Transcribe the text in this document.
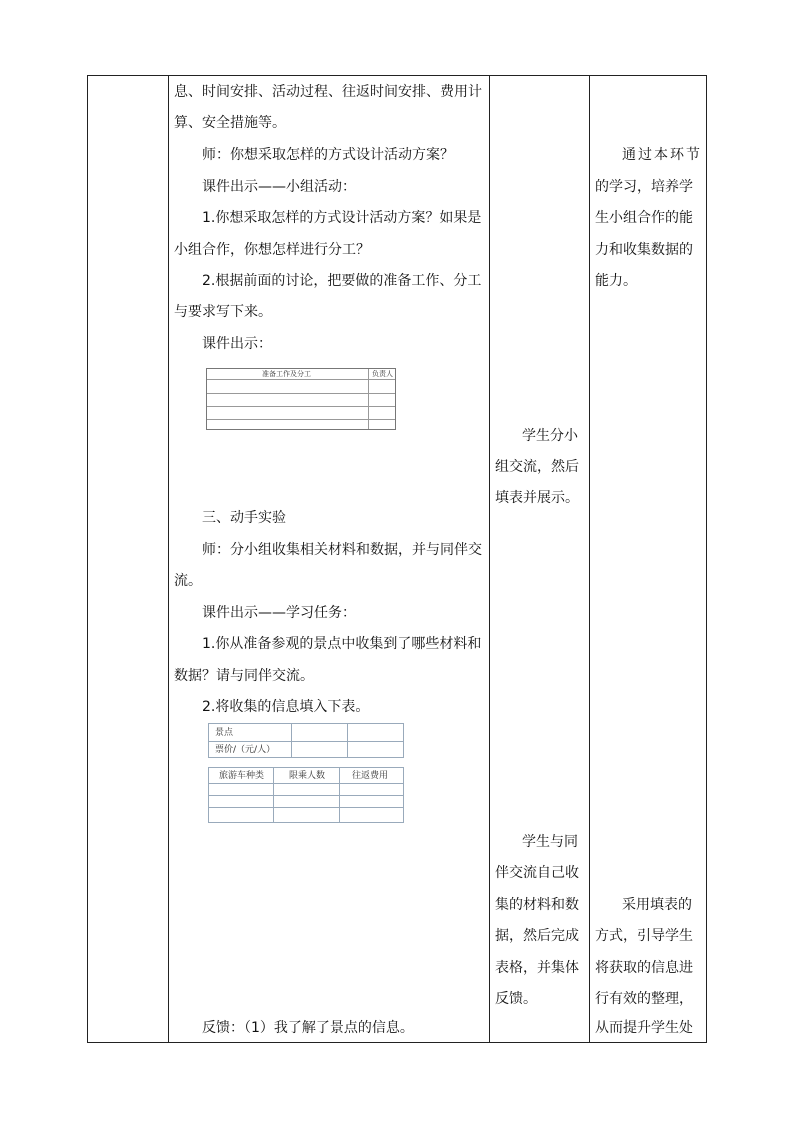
息、时间安排、活动过程、往返时间安排、费用计
算、安全措施等。
师：你想采取怎样的方式设计活动方案？
课件出示——小组活动：
1.你想采取怎样的方式设计活动方案？如果是
小组合作，你想怎样进行分工？
2.根据前面的讨论，把要做的准备工作、分工
与要求写下来。
课件出示：
准备工作及分工	负责人
三、动手实验
师：分小组收集相关材料和数据，并与同伴交
流。
课件出示——学习任务：
1.你从准备参观的景点中收集到了哪些材料和
数据？请与同伴交流。
2.将收集的信息填入下表。
景点
票价/（元/人）
旅游车种类	限乘人数	往返费用
反馈：（1）我了解了景点的信息。
学生分小
组交流，然后
填表并展示。
学生与同
伴交流自己收
集的材料和数
据，然后完成
表格，并集体
反馈。
通过本环节
的学习，培养学
生小组合作的能
力和收集数据的
能力。
采用填表的
方式，引导学生
将获取的信息进
行有效的整理，
从而提升学生处
